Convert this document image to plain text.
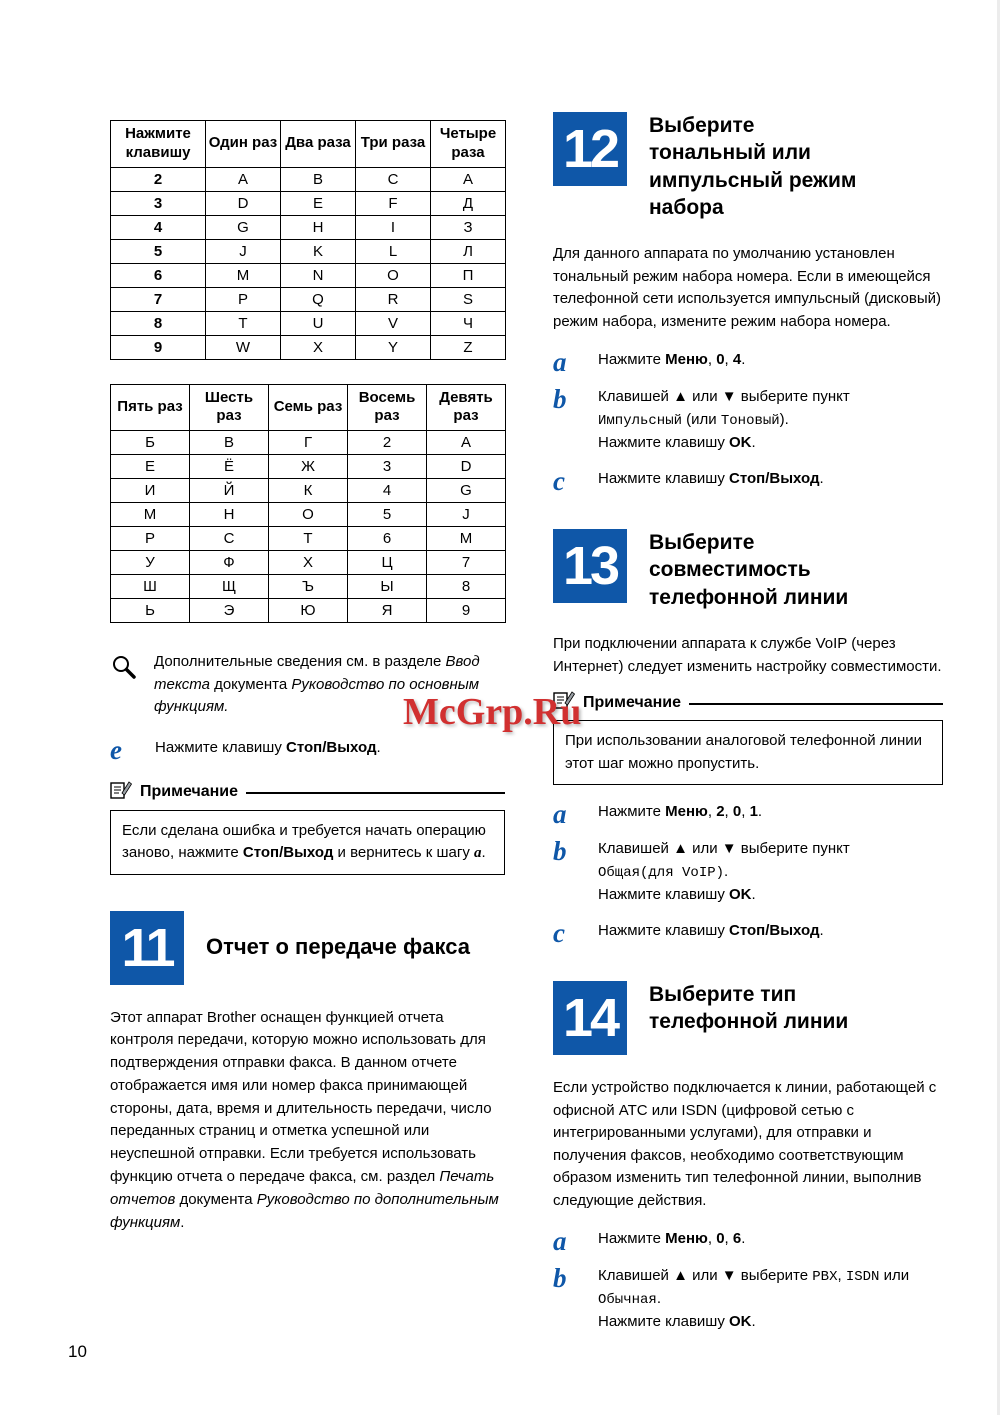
Нажмите клавишу	Один раз	Два раза	Три раза	Четыре раза
2	A	B	C	А
3	D	E	F	Д
4	G	H	I	З
5	J	K	L	Л
6	M	N	O	П
7	P	Q	R	S
8	T	U	V	Ч
9	W	X	Y	Z
Пять раз	Шесть раз	Семь раз	Восемь раз	Девять раз
Б	В	Г	2	A
Е	Ё	Ж	3	D
И	Й	К	4	G
М	Н	О	5	J
Р	С	Т	6	М
У	Ф	Х	Ц	7
Ш	Щ	Ъ	Ы	8
Ь	Э	Ю	Я	9

Дополнительные сведения см. в разделе Ввод текста документа Руководство по основным функциям.

e	Нажмите клавишу Стоп/Выход.

Примечание

Если сделана ошибка и требуется начать операцию заново, нажмите Стоп/Выход и вернитесь к шагу a.

11	Отчет о передаче факса

Этот аппарат Brother оснащен функцией отчета контроля передачи, которую можно использовать для подтверждения отправки факса. В данном отчете отображается имя или номер факса принимающей стороны, дата, время и длительность передачи, число переданных страниц и отметка успешной или неуспешной отправки. Если требуется использовать функцию отчета о передаче факса, см. раздел Печать отчетов документа Руководство по дополнительным функциям.

12	Выберите тональный или импульсный режим набора

Для данного аппарата по умолчанию установлен тональный режим набора номера. Если в имеющейся телефонной сети используется импульсный (дисковый) режим набора, измените режим набора номера.

a	Нажмите Меню, 0, 4.

b	Клавишей ▲ или ▼ выберите пункт

Импульсный (или Тоновый).

Нажмите клавишу OK.

c	Нажмите клавишу Стоп/Выход.

13	Выберите совместимость телефонной линии

При подключении аппарата к службе VoIP (через Интернет) следует изменить настройку совместимости.

Примечание

При использовании аналоговой телефонной линии этот шаг можно пропустить.

a	Нажмите Меню, 2, 0, 1.

b	Клавишей ▲ или ▼ выберите пункт

Общая(для VoIP).

Нажмите клавишу OK.

c	Нажмите клавишу Стоп/Выход.

14	Выберите тип телефонной линии

Если устройство подключается к линии, работающей с офисной АТС или ISDN (цифровой сетью с интегрированными услугами), для отправки и получения факсов, необходимо соответствующим образом изменить тип телефонной линии, выполнив следующие действия.

a	Нажмите Меню, 0, 6.

b	Клавишей ▲ или ▼ выберите PBX, ISDN или

Обычная.

Нажмите клавишу OK.

McGrp.Ru
10
